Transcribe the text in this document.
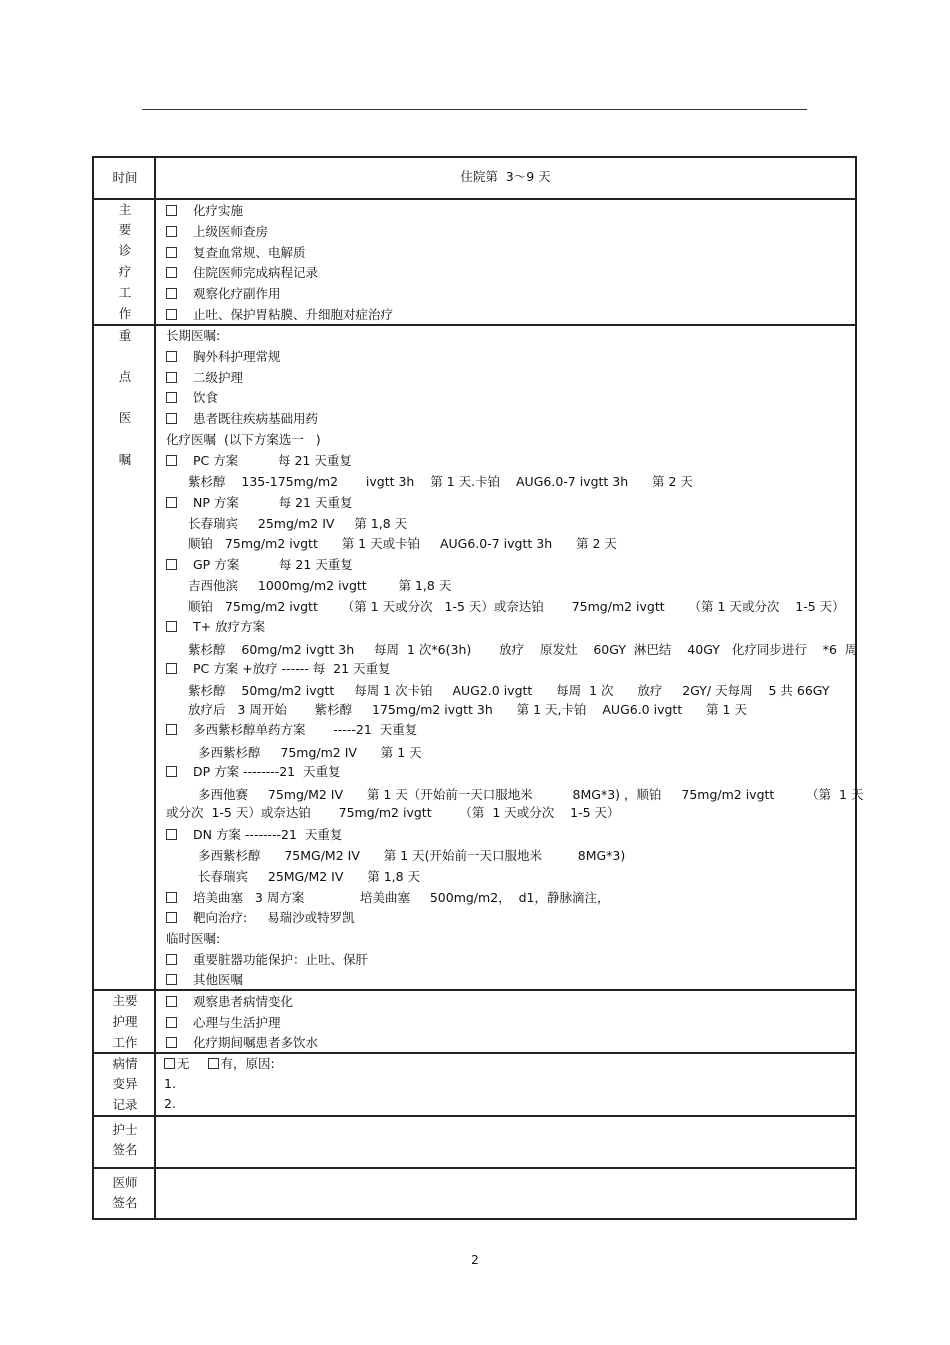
时间	住院第  3～9 天
主
要
诊
疗
工
作
化疗实施
上级医师查房
复查血常规、电解质
住院医师完成病程记录
观察化疗副作用
止吐、保护胃粘膜、升细胞对症治疗
重
点
医
嘱
长期医嘱:
胸外科护理常规
二级护理
饮食
患者既往疾病基础用药
化疗医嘱  (以下方案选一   )
PC 方案          每 21 天重复
紫杉醇    135-175mg/m2       ivgtt 3h    第 1 天.卡铂    AUG6.0-7 ivgtt 3h      第 2 天
NP 方案          每 21 天重复
长春瑞宾     25mg/m2 IV     第 1,8 天
顺铂   75mg/m2 ivgtt      第 1 天或卡铂     AUG6.0-7 ivgtt 3h      第 2 天
GP 方案          每 21 天重复
吉西他滨     1000mg/m2 ivgtt        第 1,8 天
顺铂   75mg/m2 ivgtt      （第 1 天或分次   1-5 天）或奈达铂       75mg/m2 ivgtt      （第 1 天或分次    1-5 天）
T+ 放疗方案
紫杉醇    60mg/m2 ivgtt 3h     每周  1 次*6(3h)       放疗    原发灶    60GY  淋巴结    40GY   化疗同步进行    *6  周
PC 方案 +放疗 ------ 每  21 天重复
紫杉醇    50mg/m2 ivgtt     每周 1 次卡铂     AUG2.0 ivgtt      每周  1 次      放疗     2GY/ 天每周    5 共 66GY
放疗后   3 周开始       紫杉醇     175mg/m2 ivgtt 3h      第 1 天,卡铂    AUG6.0 ivgtt      第 1 天
多西紫杉醇单药方案       -----21  天重复
多西紫杉醇     75mg/m2 IV      第 1 天
DP 方案 --------21  天重复
多西他赛     75mg/M2 IV      第 1 天（开始前一天口服地米          8MG*3) ，顺铂     75mg/m2 ivgtt        （第  1 天
或分次  1-5 天）或奈达铂       75mg/m2 ivgtt       （第  1 天或分次    1-5 天）
DN 方案 --------21  天重复
多西紫杉醇      75MG/M2 IV      第 1 天(开始前一天口服地米         8MG*3)
长春瑞宾     25MG/M2 IV      第 1,8 天
培美曲塞   3 周方案              培美曲塞     500mg/m2，  d1，静脉滴注，
靶向治疗:     易瑞沙或特罗凯
临时医嘱:
重要脏器功能保护：止吐、保肝
其他医嘱
主要
护理
工作
观察患者病情变化
心理与生活护理
化疗期间嘱患者多饮水
病情
变异
记录
无 有，原因:
1.
2.
护士
签名
医师
签名
2
